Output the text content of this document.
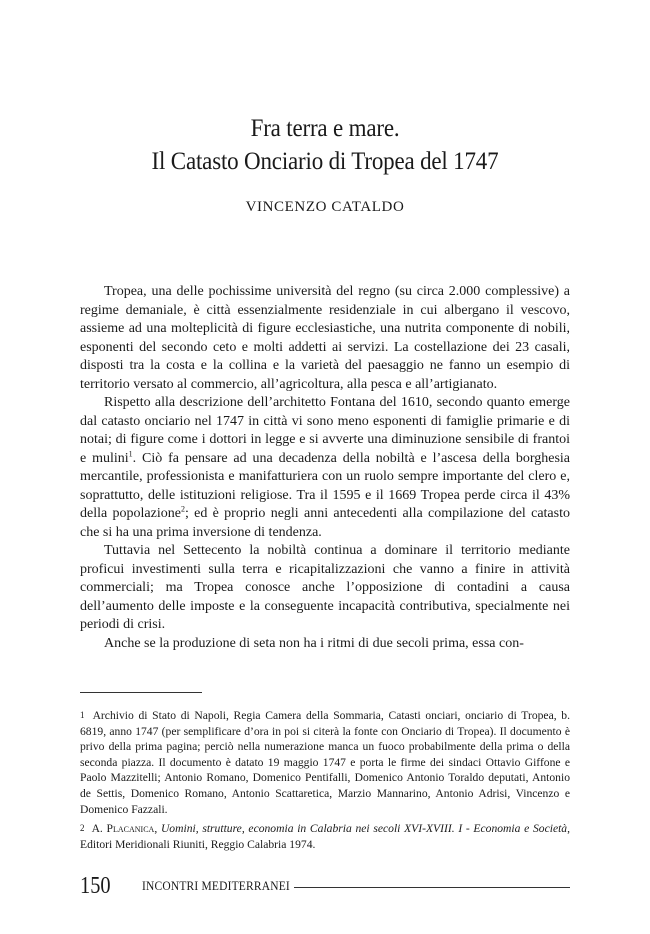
Fra terra e mare.
Il Catasto Onciario di Tropea del 1747
VINCENZO CATALDO

Tropea, una delle pochissime università del regno (su circa 2.000 complessive) a regime demaniale, è città essenzialmente residenziale in cui albergano il vescovo, assieme ad una molteplicità di figure ecclesiastiche, una nutrita componente di nobili, esponenti del secondo ceto e molti addetti ai servizi. La costellazione dei 23 casali, disposti tra la costa e la collina e la varietà del paesaggio ne fanno un esempio di territorio versato al commercio, all’agricoltura, alla pesca e all’artigianato.

Rispetto alla descrizione dell’architetto Fontana del 1610, secondo quanto emerge dal catasto onciario nel 1747 in città vi sono meno esponenti di famiglie primarie e di notai; di figure come i dottori in legge e si avverte una diminuzione sensibile di frantoi e mulini$^1$. Ciò fa pensare ad una decadenza della nobiltà e l’ascesa della borghesia mercantile, professionista e manifatturiera con un ruolo sempre importante del clero e, soprattutto, delle istituzioni religiose. Tra il 1595 e il 1669 Tropea perde circa il 43% della popolazione$^2$; ed è proprio negli anni antecedenti alla compilazione del catasto che si ha una prima inversione di tendenza.

Tuttavia nel Settecento la nobiltà continua a dominare il territorio mediante proficui investimenti sulla terra e ricapitalizzazioni che vanno a finire in attività commerciali; ma Tropea conosce anche l’opposizione di contadini a causa dell’aumento delle imposte e la conseguente incapacità contributiva, specialmente nei periodi di crisi.

Anche se la produzione di seta non ha i ritmi di due secoli prima, essa con-

$^1$ Archivio di Stato di Napoli, Regia Camera della Sommaria, Catasti onciari, onciario di Tropea, b. 6819, anno 1747 (per semplificare d’ora in poi si citerà la fonte con Onciario di Tropea). Il documento è privo della prima pagina; perciò nella numerazione manca un fuoco probabilmente della prima o della seconda piazza. Il documento è datato 19 maggio 1747 e porta le firme dei sindaci Ottavio Giffone e Paolo Mazzitelli; Antonio Romano, Domenico Pentifalli, Domenico Antonio Toraldo deputati, Antonio de Settis, Domenico Romano, Antonio Scattaretica, Marzio Mannarino, Antonio Adrisi, Vincenzo e Domenico Fazzali.

$^2$ A. Placanica, Uomini, strutture, economia in Calabria nei secoli XVI-XVIII. I - Economia e Società, Editori Meridionali Riuniti, Reggio Calabria 1974.

150	INCONTRI MEDITERRANEI
